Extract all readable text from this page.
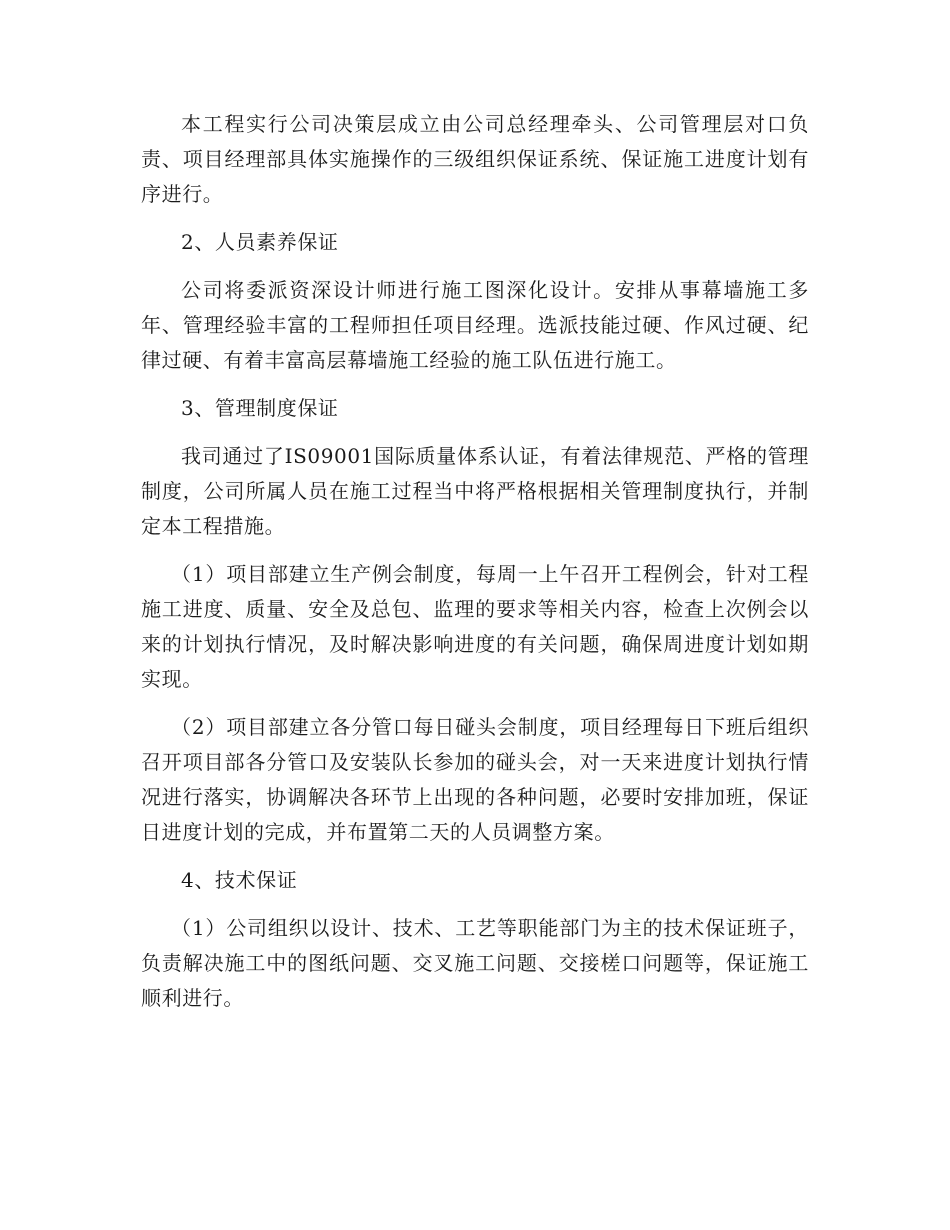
本工程实行公司决策层成立由公司总经理牵头、公司管理层对口负责、项目经理部具体实施操作的三级组织保证系统、保证施工进度计划有序进行。

2、人员素养保证

公司将委派资深设计师进行施工图深化设计。安排从事幕墙施工多年、管理经验丰富的工程师担任项目经理。选派技能过硬、作风过硬、纪律过硬、有着丰富高层幕墙施工经验的施工队伍进行施工。

3、管理制度保证

我司通过了IS09001国际质量体系认证，有着法律规范、严格的管理制度，公司所属人员在施工过程当中将严格根据相关管理制度执行，并制定本工程措施。

（1）项目部建立生产例会制度，每周一上午召开工程例会，针对工程施工进度、质量、安全及总包、监理的要求等相关内容，检查上次例会以来的计划执行情况，及时解决影响进度的有关问题，确保周进度计划如期实现。

（2）项目部建立各分管口每日碰头会制度，项目经理每日下班后组织召开项目部各分管口及安装队长参加的碰头会，对一天来进度计划执行情况进行落实，协调解决各环节上出现的各种问题，必要时安排加班，保证日进度计划的完成，并布置第二天的人员调整方案。

4、技术保证

（1）公司组织以设计、技术、工艺等职能部门为主的技术保证班子，负责解决施工中的图纸问题、交叉施工问题、交接槎口问题等，保证施工顺利进行。
